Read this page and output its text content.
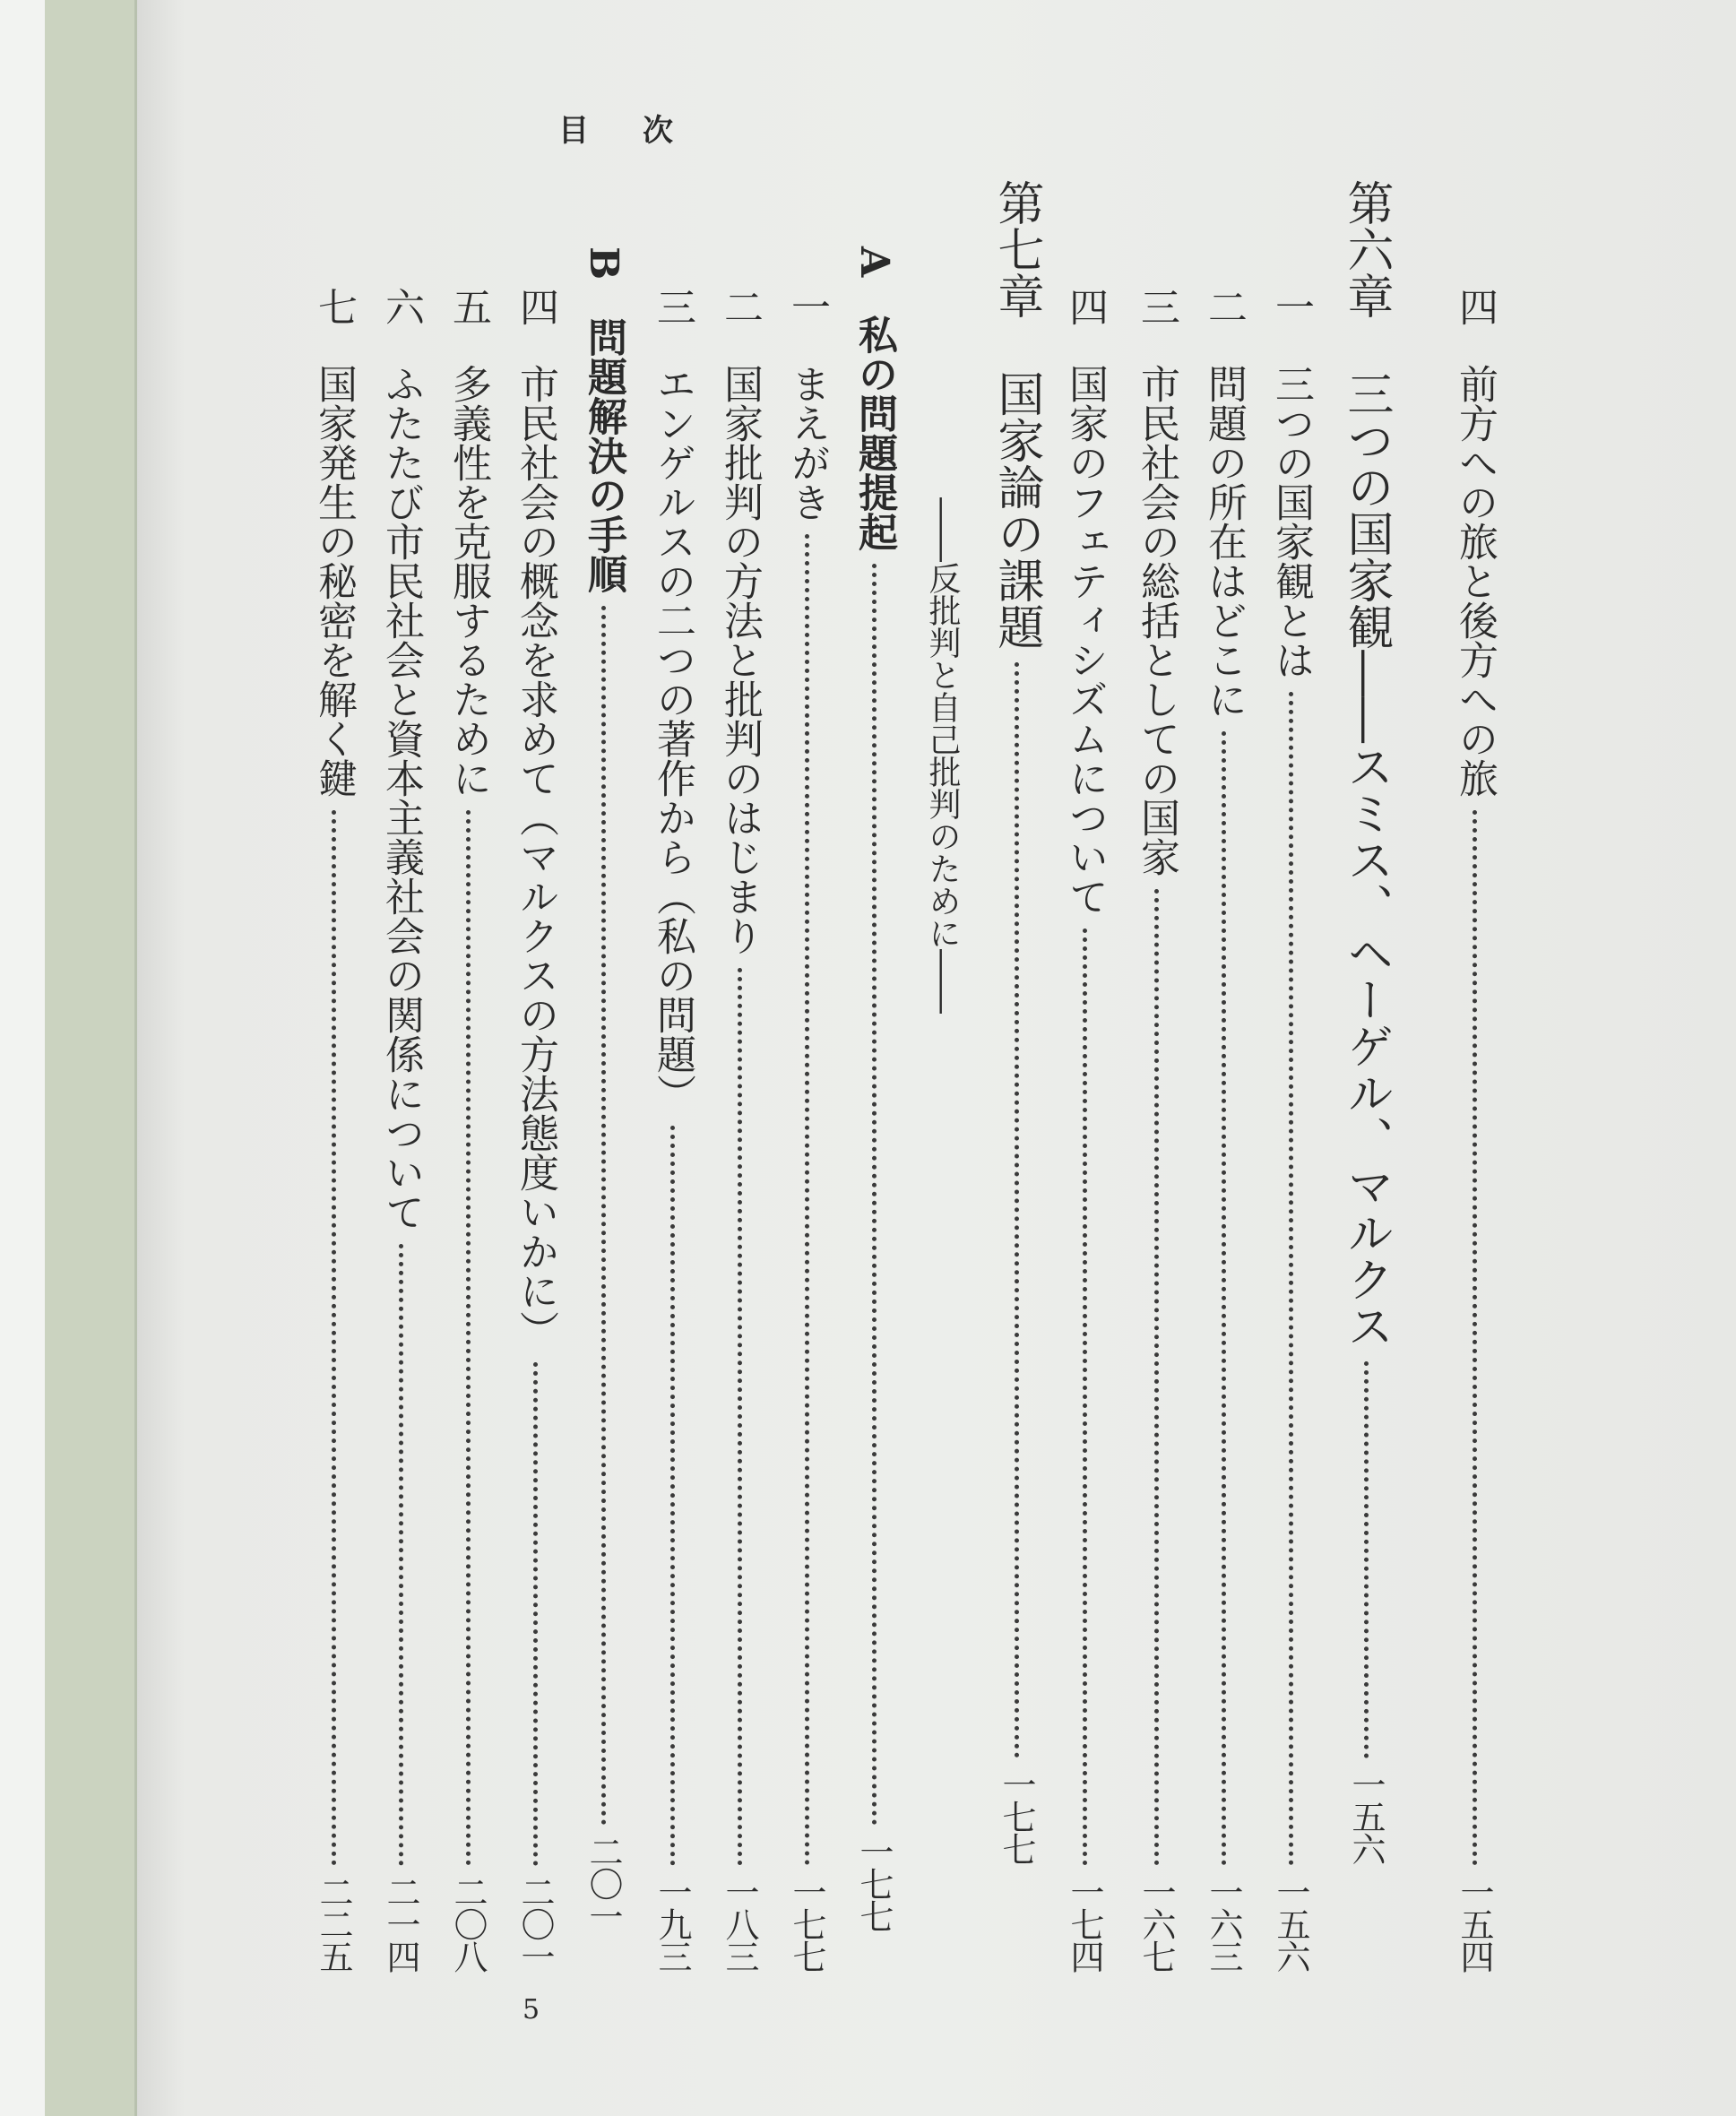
目次
四
前方への旅と後方への旅
一五四
第六章  三つの国家観――スミス、ヘーゲル、マルクス
一五六
一
三つの国家観とは
一五六
二
問題の所在はどこに
一六三
三
市民社会の総括としての国家
一六七
四
国家のフェティシズムについて
一七四
第七章  国家論の課題
一七七
――反批判と自己批判のために――
A
私の問題提起
一七七
一
まえがき
一七七
二
国家批判の方法と批判のはじまり
一八三
三
エンゲルスの二つの著作から（私の問題）
一九三
B
問題解決の手順
二〇一
四
市民社会の概念を求めて（マルクスの方法態度いかに）
二〇一
五
多義性を克服するために
二〇八
六
ふたたび市民社会と資本主義社会の関係について
二一四
七
国家発生の秘密を解く鍵
二二五
5
